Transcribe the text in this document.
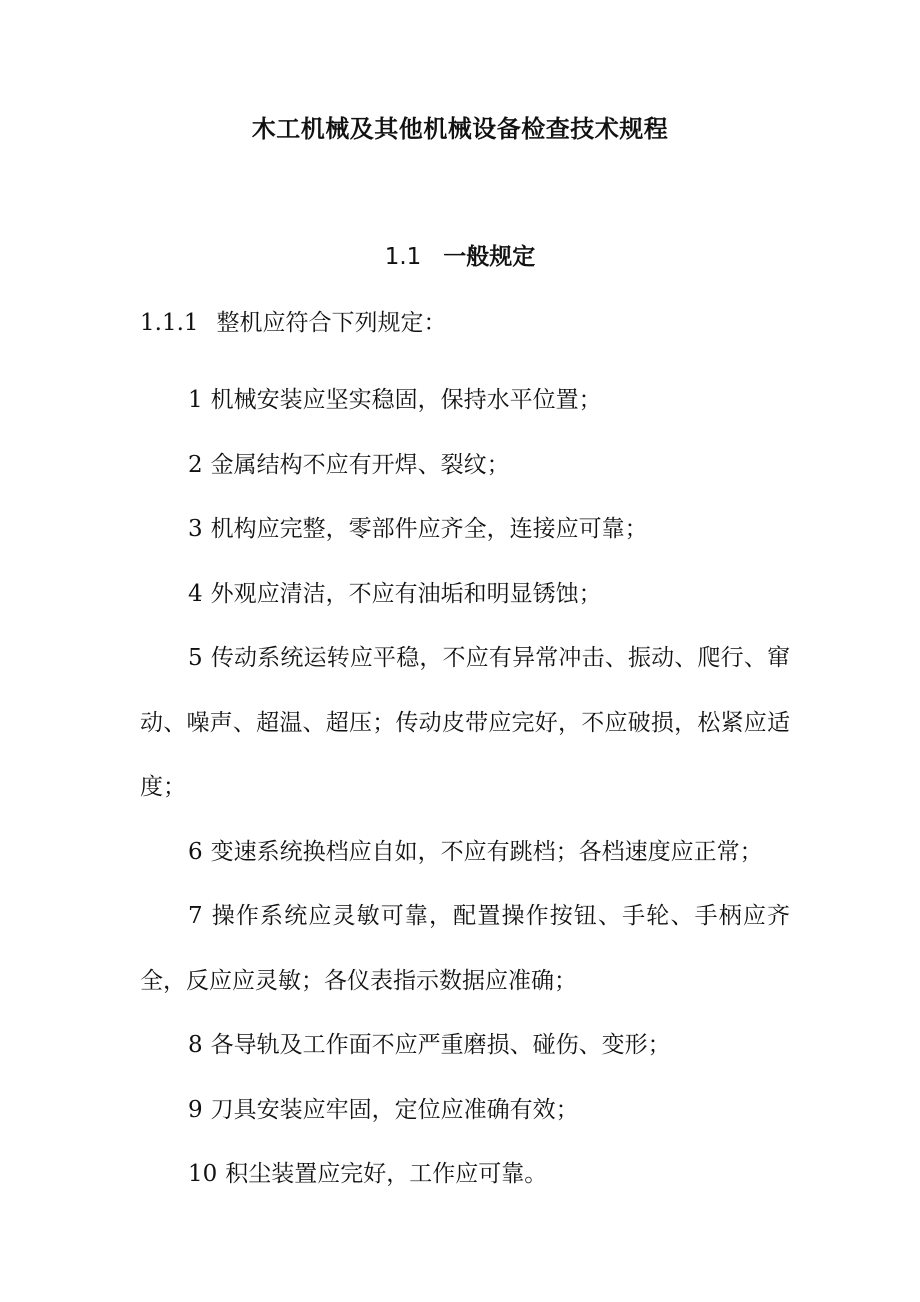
木工机械及其他机械设备检查技术规程
1.1 一般规定
1.1.1 整机应符合下列规定：

1 机械安装应坚实稳固，保持水平位置；

2 金属结构不应有开焊、裂纹；

3 机构应完整，零部件应齐全，连接应可靠；

4 外观应清洁，不应有油垢和明显锈蚀；

5 传动系统运转应平稳，不应有异常冲击、振动、爬行、窜动、噪声、超温、超压；传动皮带应完好，不应破损，松紧应适度；

6 变速系统换档应自如，不应有跳档；各档速度应正常；

7 操作系统应灵敏可靠，配置操作按钮、手轮、手柄应齐全，反应应灵敏；各仪表指示数据应准确；

8 各导轨及工作面不应严重磨损、碰伤、变形；

9 刀具安装应牢固，定位应准确有效；

10 积尘装置应完好，工作应可靠。
